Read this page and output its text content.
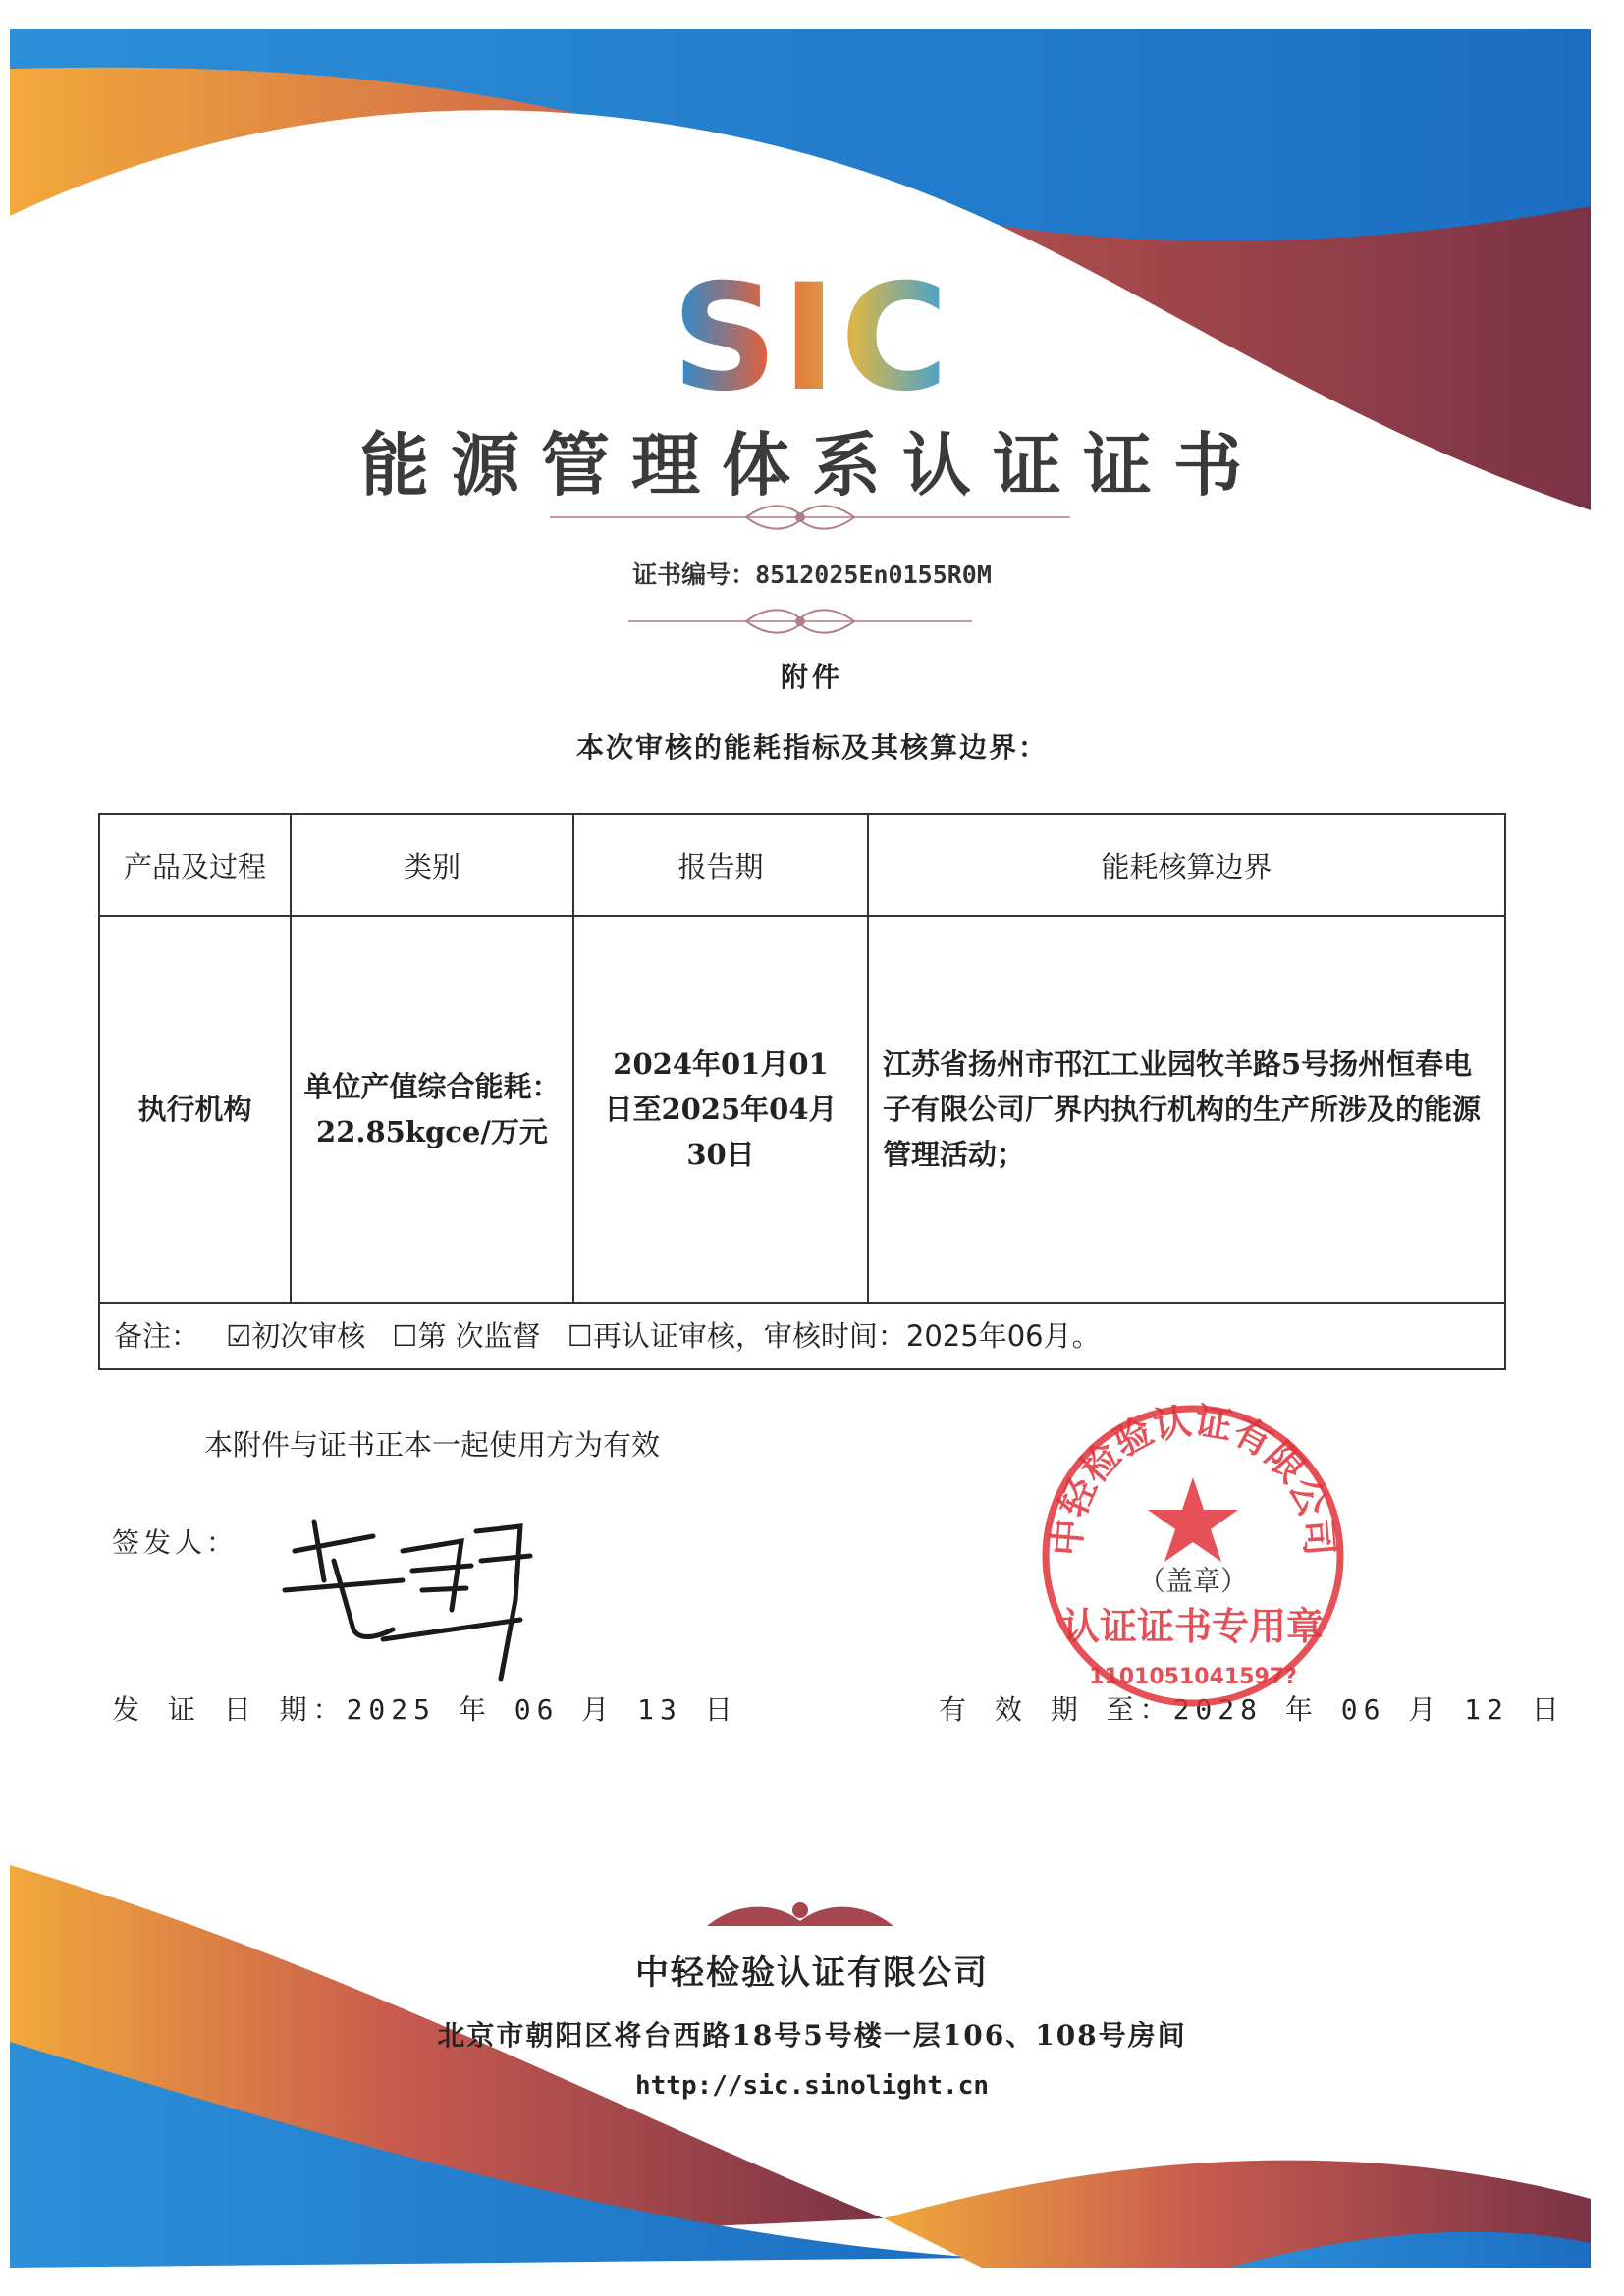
SIC
能源管理体系认证证书
证书编号：8512025En0155R0M
附件
本次审核的能耗指标及其核算边界：
产品及过程	类别	报告期	能耗核算边界
执行机构	单位产值综合能耗：22.85kgce/万元	2024年01月01日至2025年04月30日	江苏省扬州市邗江工业园牧羊路5号扬州恒春电子有限公司厂界内执行机构的生产所涉及的能源管理活动；
备注： ☑初次审核 ☐第 次监督 ☐再认证审核，审核时间：2025年06月。			
本附件与证书正本一起使用方为有效
签发人：
发 证 日 期：2025 年 06 月 13 日	有 效 期 至：2028 年 06 月 12 日
中轻检验认证有限公司
（盖章）
认证证书专用章
1101051041597?
中轻检验认证有限公司
北京市朝阳区将台西路18号5号楼一层106、108号房间
http://sic.sinolight.cn
